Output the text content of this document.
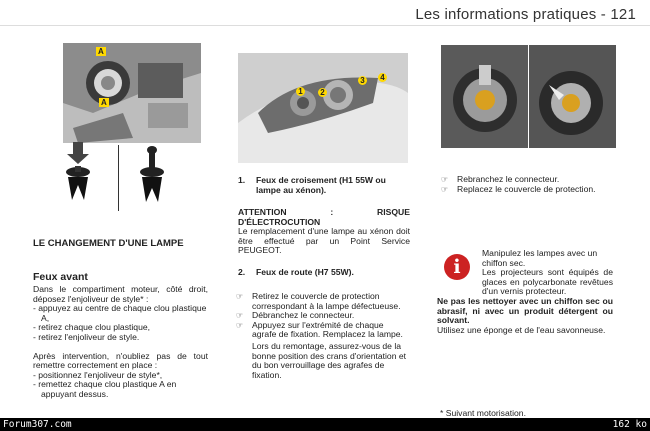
Les informations pratiques - 121
A
A
LE CHANGEMENT D'UNE LAMPE
Feux avant
Dans le compartiment moteur, côté droit, déposez l'enjoliveur de style* :
- appuyez au centre de chaque clou plastique A,
- retirez chaque clou plastique,
- retirez l'enjoliveur de style.
Après intervention, n'oubliez pas de tout remettre correctement en place :
- positionnez l'enjoliveur de style*,
- remettez chaque clou plastique A en appuyant dessus.
1 2
3 4
1. Feux de croisement (H1 55W ou lampe au xénon).
ATTENTION : RISQUE D'ÉLECTROCUTION
Le remplacement d'une lampe au xénon doit être effectué par un Point Service PEUGEOT.
2. Feux de route (H7 55W).
☞ Retirez le couvercle de protection correspondant à la lampe défectueuse.
☞ Débranchez le connecteur.
☞ Appuyez sur l'extrémité de chaque agrafe de fixation. Remplacez la lampe.
Lors du remontage, assurez-vous de la bonne position des crans d'orientation et du bon verrouillage des agrafes de fixation.
☞ Rebranchez le connecteur.
☞ Replacez le couvercle de protection.
i
Manipulez les lampes avec un chiffon sec.
Les projecteurs sont équipés de glaces en polycarbonate revêtues d'un vernis protecteur.
Ne pas les nettoyer avec un chiffon sec ou abrasif, ni avec un produit détergent ou solvant.
Utilisez une éponge et de l'eau savonneuse.
* Suivant motorisation.
Forum307.com	162 ko
